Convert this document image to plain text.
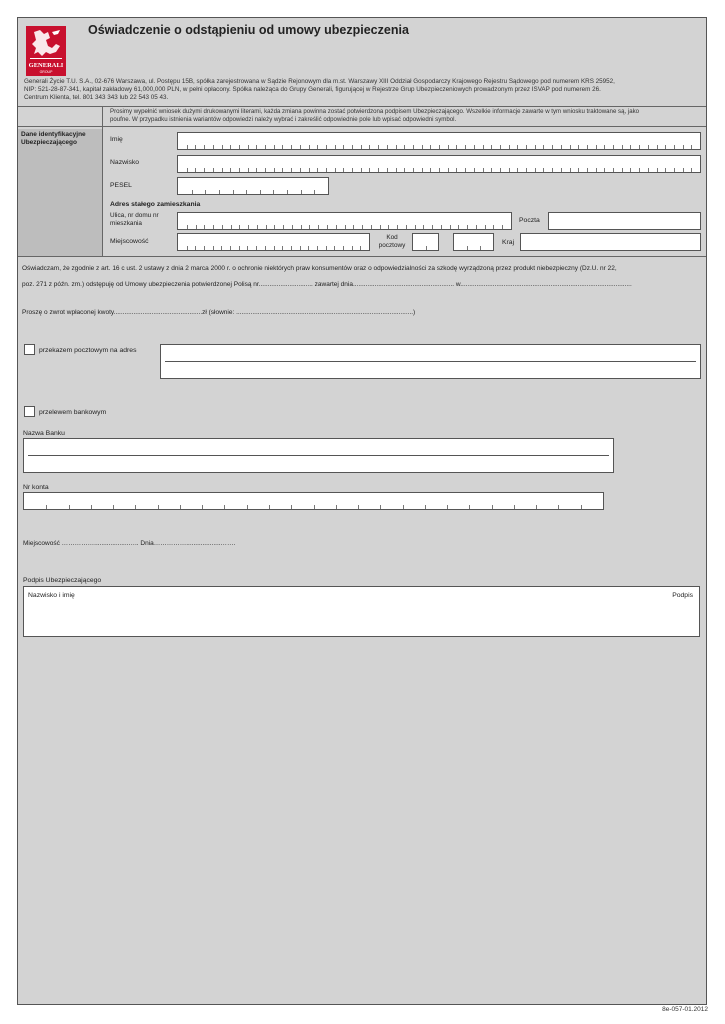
GENERALI
GROUP
Oświadczenie o odstąpieniu od umowy ubezpieczenia
Generali Życie T.U. S.A., 02-676 Warszawa, ul. Postępu 15B, spółka zarejestrowana w Sądzie Rejonowym dla m.st. Warszawy XIII Oddział Gospodarczy Krajowego Rejestru Sądowego pod numerem KRS 25952,
NIP: 521-28-87-341, kapitał zakładowy 61,000,000 PLN, w pełni opłacony. Spółka należąca do Grupy Generali, figurującej w Rejestrze Grup Ubezpieczeniowych prowadzonym przez ISVAP pod numerem 26.
Centrum Klienta, tel. 801 343 343 lub 22 543 05 43.
Dane identyfikacyjne Ubezpieczającego
Prosimy wypełnić wniosek dużymi drukowanymi literami, każda zmiana powinna zostać potwierdzona podpisem Ubezpieczającego. Wszelkie informacje zawarte w tym wniosku traktowane są, jako
poufne. W przypadku istnienia wariantów odpowiedzi należy wybrać i zakreślić odpowiednie pole lub wpisać odpowiedni symbol.
Imię
Nazwisko
PESEL
Adres stałego zamieszkania
Ulica, nr domu nr mieszkania	Poczta
Miejscowość
Kod pocztowy	Kraj
Oświadczam, że zgodnie z art. 16 c ust. 2 ustawy z dnia 2 marca 2000 r. o ochronie niektórych praw konsumentów oraz o odpowiedzialności za szkodę wyrządzoną przez produkt niebezpieczny (Dz.U. nr 22,
poz. 271 z późn. zm.) odstępuję od Umowy ubezpieczenia potwierdzonej Polisą nr.............................. zawartej dnia........................................................ w...............................................................................................
Proszę o zwrot wpłaconej kwoty.................................................zł (słownie: ..................................................................................................)
przekazem pocztowym na adres
przelewem bankowym
Nazwa Banku
Nr konta
Miejscowość ……………...................….. Dnia……………...................…….
Podpis Ubezpieczającego
Nazwisko i imię	Podpis
8e-057-01.2012
